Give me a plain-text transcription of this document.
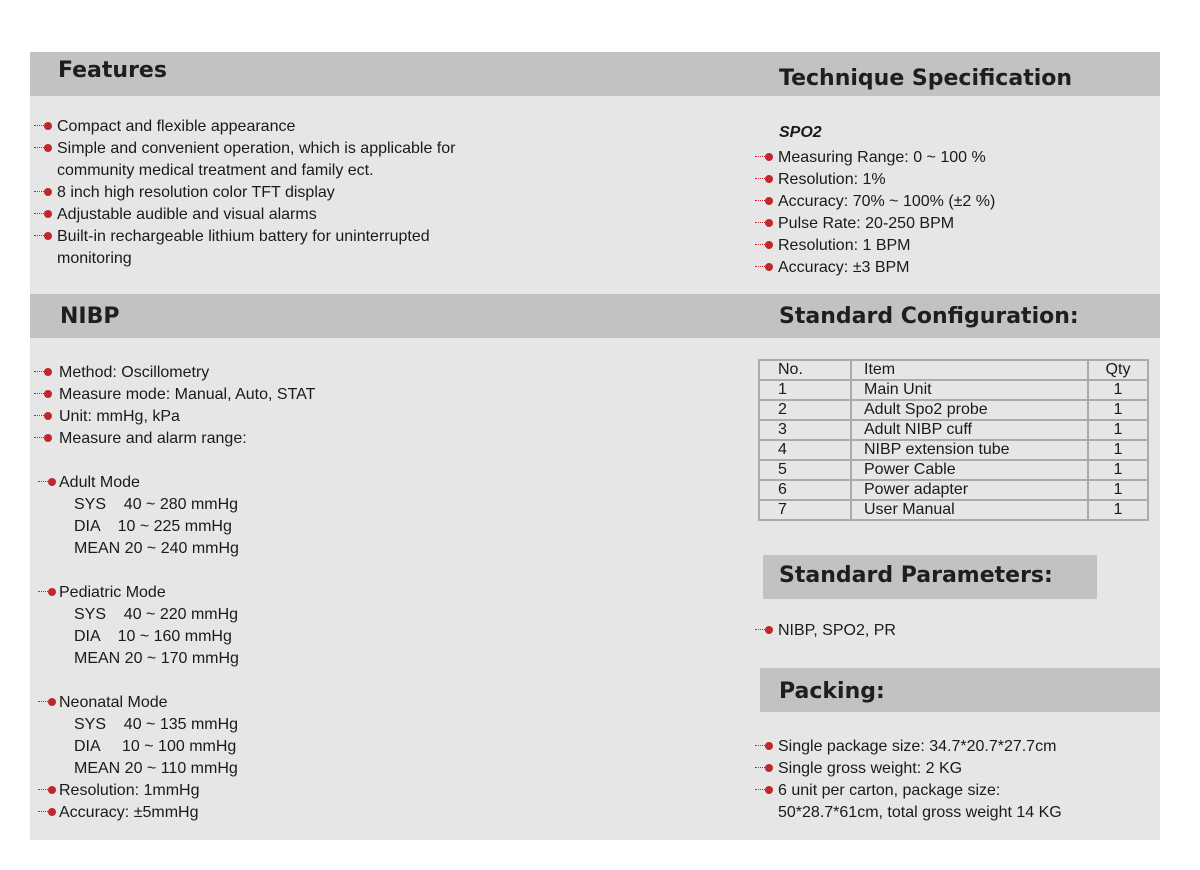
Features	Technique Specification
Compact and flexible appearance
Simple and convenient operation, which is applicable for
community medical treatment and family ect.
8 inch high resolution color TFT display
Adjustable audible and visual alarms
Built-in rechargeable lithium battery for uninterrupted
monitoring
SPO2
Measuring Range: 0 ~ 100 %
Resolution: 1%
Accuracy: 70% ~ 100% (±2 %)
Pulse Rate: 20-250 BPM
Resolution: 1 BPM
Accuracy: ±3 BPM
NIBP	Standard Configuration:
Method: Oscillometry
Measure mode: Manual, Auto, STAT
Unit: mmHg, kPa
Measure and alarm range:
Adult Mode
SYS    40 ~ 280 mmHg
DIA    10 ~ 225 mmHg
MEAN 20 ~ 240 mmHg
Pediatric Mode
SYS    40 ~ 220 mmHg
DIA    10 ~ 160 mmHg
MEAN 20 ~ 170 mmHg
Neonatal Mode
SYS    40 ~ 135 mmHg
DIA     10 ~ 100 mmHg
MEAN 20 ~ 110 mmHg
Resolution: 1mmHg
Accuracy: ±5mmHg
No.	Item	Qty
1	Main Unit	1
2	Adult Spo2 probe	1
3	Adult NIBP cuff	1
4	NIBP extension tube	1
5	Power Cable	1
6	Power adapter	1
7	User Manual	1
Standard Parameters:
NIBP, SPO2, PR
Packing:
Single package size: 34.7*20.7*27.7cm
Single gross weight: 2 KG
6 unit per carton, package size:
50*28.7*61cm, total gross weight 14 KG
